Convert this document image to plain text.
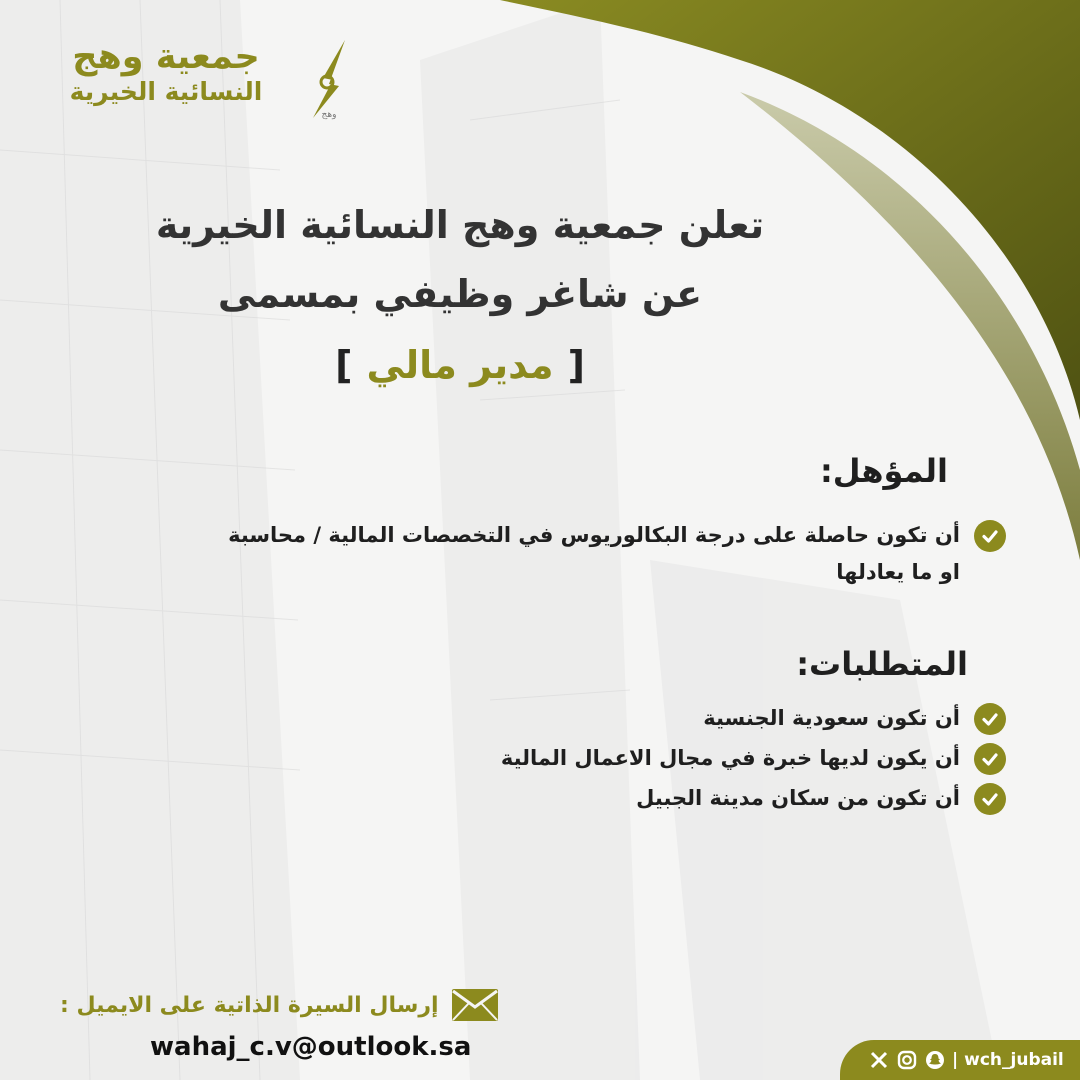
جمعية وهج
النسائية الخيرية
وهج
تعلن جمعية وهج النسائية الخيرية
عن شاغر وظيفي بمسمى
[مدير مالي]
المؤهل:
أن تكون حاصلة على درجة البكالوريوس في التخصصات المالية / محاسبة
او ما يعادلها
المتطلبات:
أن تكون سعودية الجنسية
أن يكون لديها خبرة في مجال الاعمال المالية
أن تكون من سكان مدينة الجبيل
إرسال السيرة الذاتية على الايميل :
wahaj_c.v@outlook.sa	| wch_jubail
